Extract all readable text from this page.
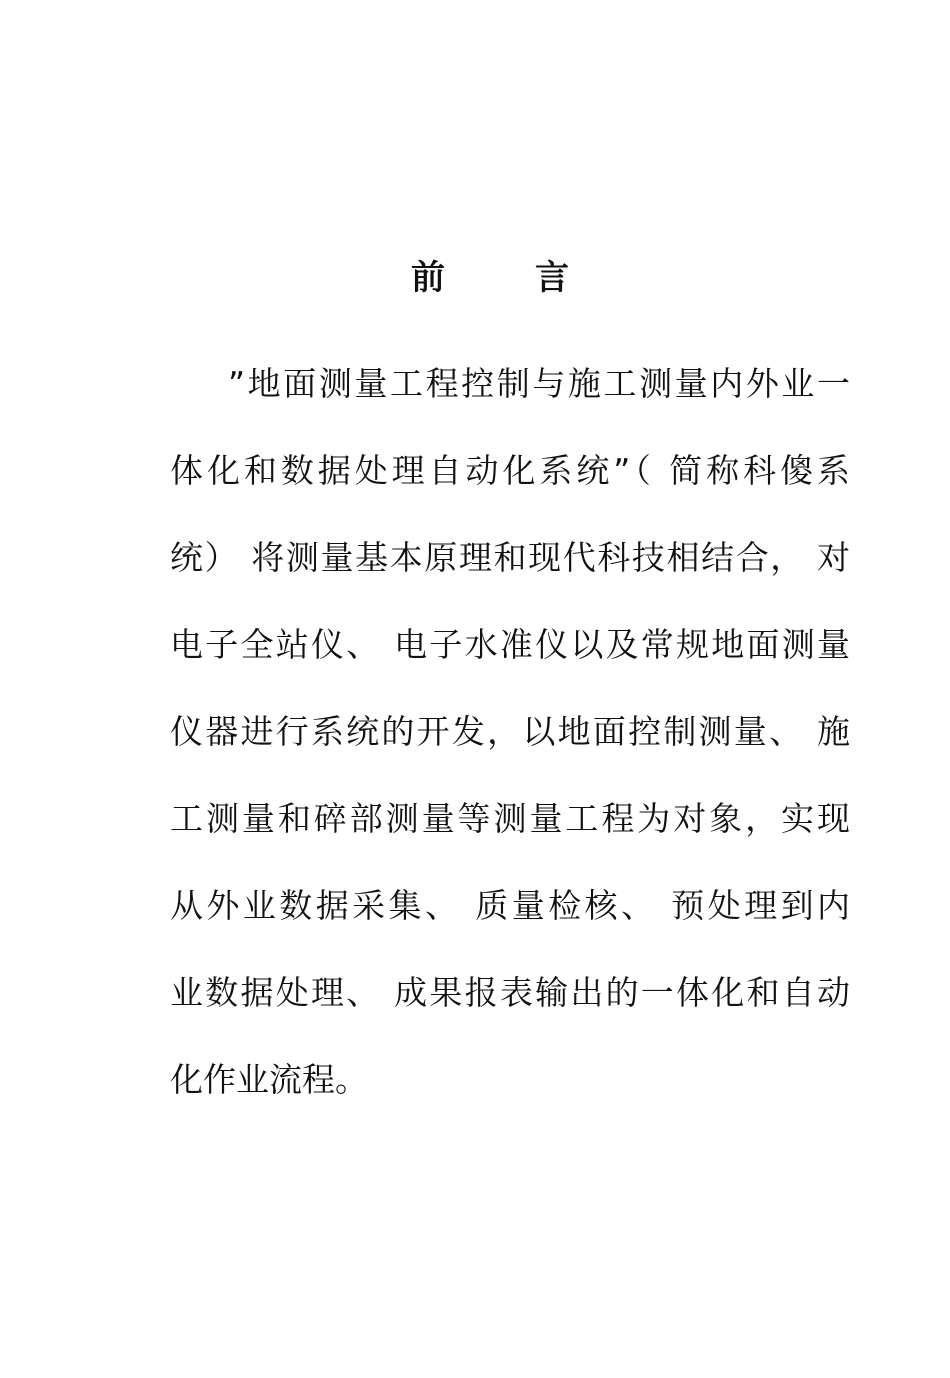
前　言
”地面测量工程控制与施工测量内外业一
体化和数据处理自动化系统”（ 简称科傻系
统） 将测量基本原理和现代科技相结合， 对
电子全站仪、 电子水准仪以及常规地面测量
仪器进行系统的开发，以地面控制测量、 施
工测量和碎部测量等测量工程为对象，实现
从外业数据采集、 质量检核、 预处理到内
业数据处理、 成果报表输出的一体化和自动
化作业流程。
